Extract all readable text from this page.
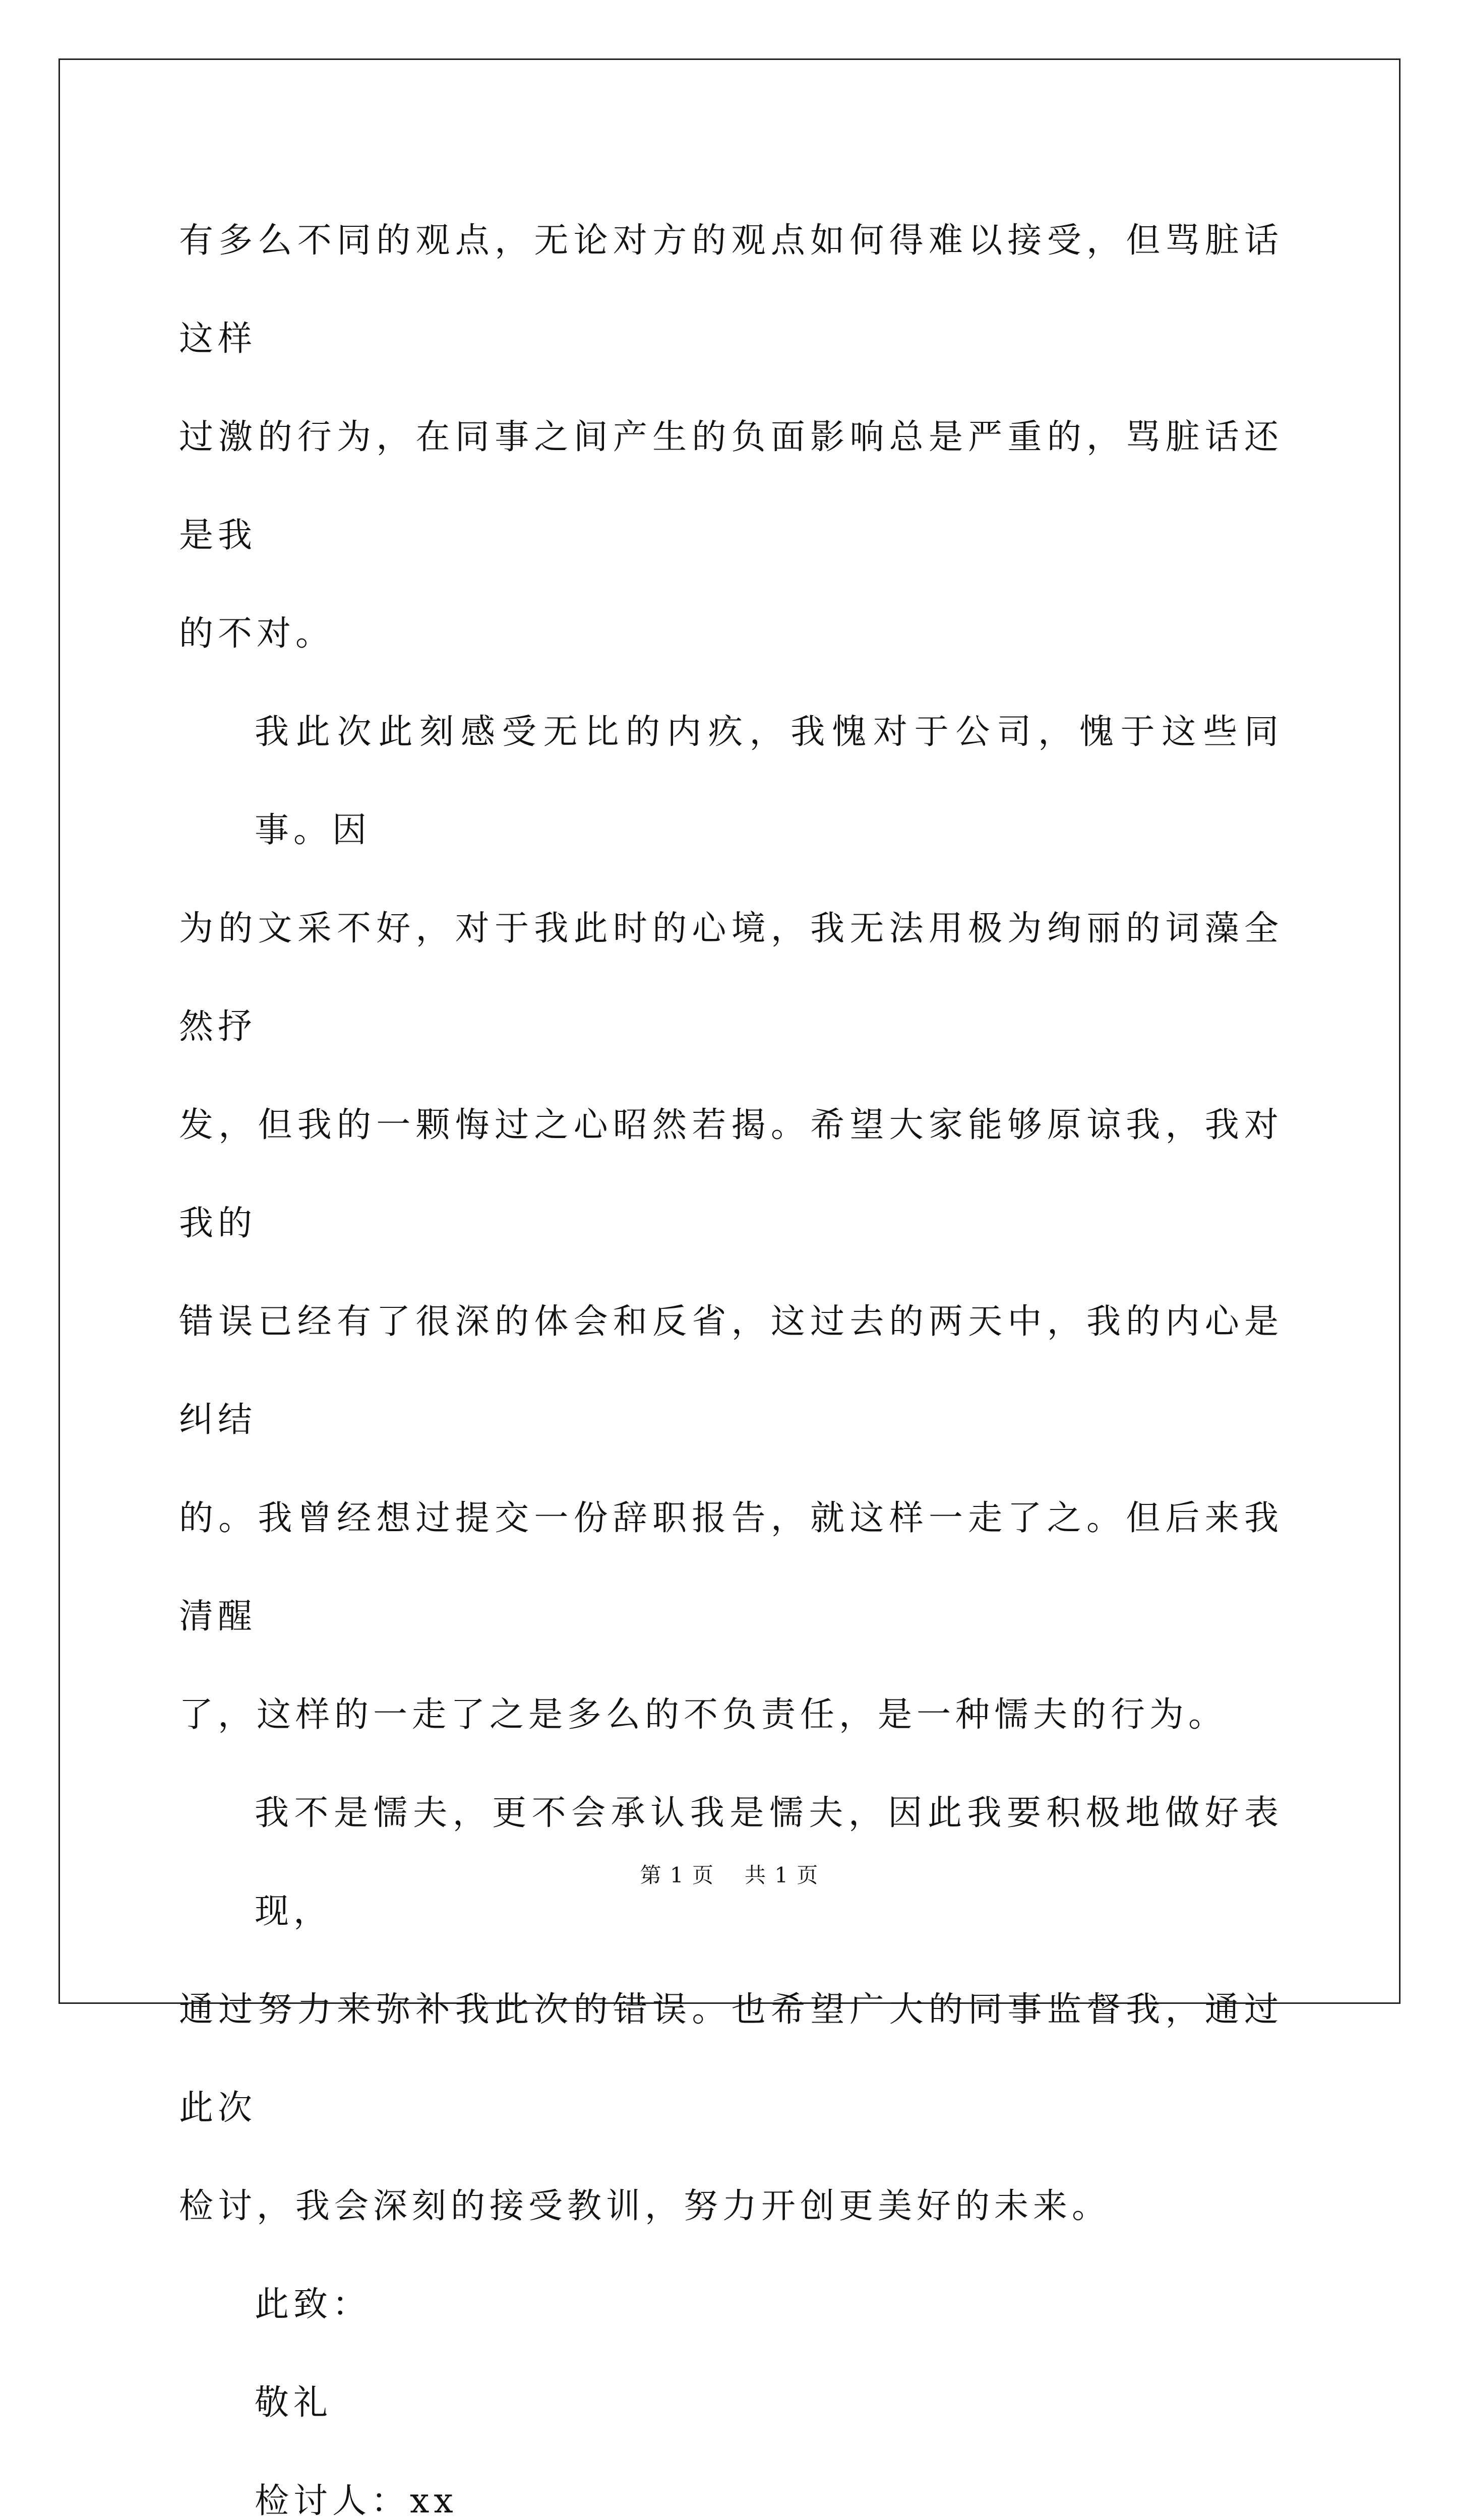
有多么不同的观点，无论对方的观点如何得难以接受，但骂脏话这样
过激的行为，在同事之间产生的负面影响总是严重的，骂脏话还是我
的不对。
我此次此刻感受无比的内疚，我愧对于公司，愧于这些同事。因
为的文采不好，对于我此时的心境，我无法用极为绚丽的词藻全然抒
发，但我的一颗悔过之心昭然若揭。希望大家能够原谅我，我对我的
错误已经有了很深的体会和反省，这过去的两天中，我的内心是纠结
的。我曾经想过提交一份辞职报告，就这样一走了之。但后来我清醒
了，这样的一走了之是多么的不负责任，是一种懦夫的行为。
我不是懦夫，更不会承认我是懦夫，因此我要积极地做好表现，
通过努力来弥补我此次的错误。也希望广大的同事监督我，通过此次
检讨，我会深刻的接受教训，努力开创更美好的未来。

此致：

敬礼

检讨人：xx

第 1 页 共 1 页
